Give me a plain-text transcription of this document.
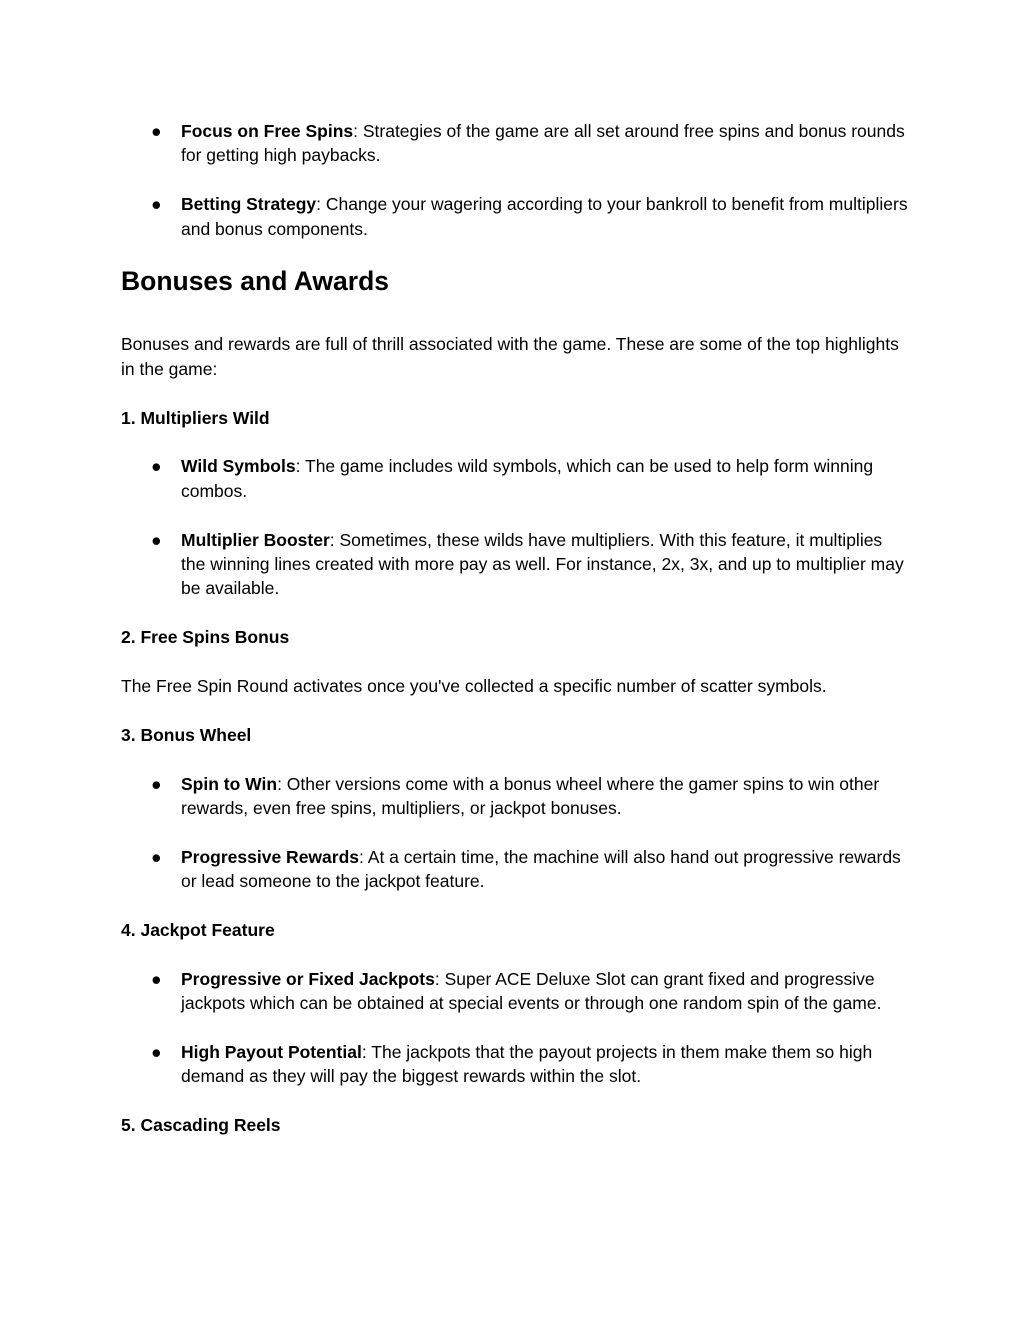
●	Focus on Free Spins: Strategies of the game are all set around free spins and bonus rounds for getting high paybacks.
●	Betting Strategy: Change your wagering according to your bankroll to benefit from multipliers and bonus components.
Bonuses and Awards
Bonuses and rewards are full of thrill associated with the game. These are some of the top highlights in the game:
1. Multipliers Wild
●	Wild Symbols: The game includes wild symbols, which can be used to help form winning combos.
●	Multiplier Booster: Sometimes, these wilds have multipliers. With this feature, it multiplies the winning lines created with more pay as well. For instance, 2x, 3x, and up to multiplier may be available.
2. Free Spins Bonus
The Free Spin Round activates once you've collected a specific number of scatter symbols.
3. Bonus Wheel
●	Spin to Win: Other versions come with a bonus wheel where the gamer spins to win other rewards, even free spins, multipliers, or jackpot bonuses.
●	Progressive Rewards: At a certain time, the machine will also hand out progressive rewards or lead someone to the jackpot feature.
4. Jackpot Feature
●	Progressive or Fixed Jackpots: Super ACE Deluxe Slot can grant fixed and progressive jackpots which can be obtained at special events or through one random spin of the game.
●	High Payout Potential: The jackpots that the payout projects in them make them so high demand as they will pay the biggest rewards within the slot.
5. Cascading Reels
